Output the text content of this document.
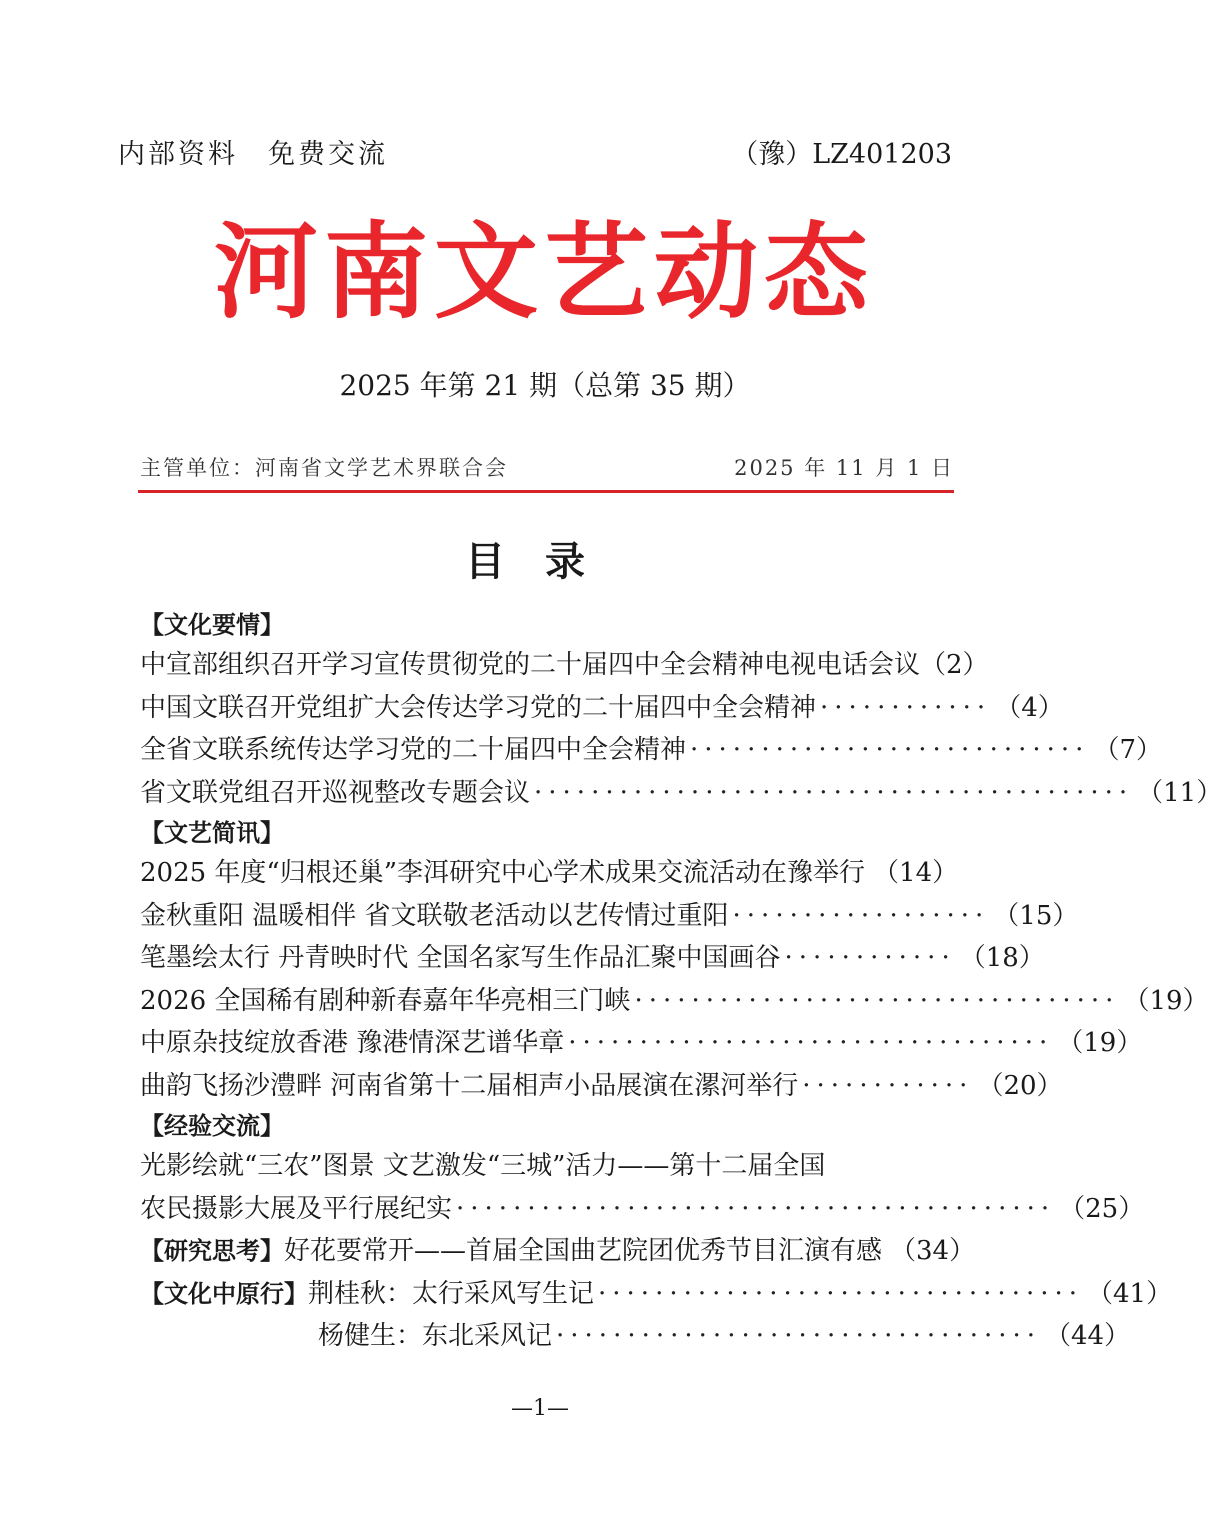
内部资料 免费交流	（豫）LZ401203
河南文艺动态
2025 年第 21 期（总第 35 期）
主管单位：河南省文学艺术界联合会	2025 年 11 月 1 日
目录
【文化要情】
中宣部组织召开学习宣传贯彻党的二十届四中全会精神电视电话会议 （2）
中国文联召开党组扩大会传达学习党的二十届四中全会精神 ············ （4）
全省文联系统传达学习党的二十届四中全会精神 ···························· （7）
省文联党组召开巡视整改专题会议 ·········································· （11）
【文艺简讯】
2025 年度“归根还巢”李洱研究中心学术成果交流活动在豫举行 （14）
金秋重阳 温暖相伴 省文联敬老活动以艺传情过重阳 ·················· （15）
笔墨绘太行 丹青映时代 全国名家写生作品汇聚中国画谷 ············ （18）
2026 全国稀有剧种新春嘉年华亮相三门峡 ·································· （19）
中原杂技绽放香港 豫港情深艺谱华章 ·································· （19）
曲韵飞扬沙澧畔 河南省第十二届相声小品展演在漯河举行 ············ （20）
【经验交流】
光影绘就“三农”图景 文艺激发“三城”活力——第十二届全国
农民摄影大展及平行展纪实 ·········································· （25）
【研究思考】 好花要常开——首届全国曲艺院团优秀节目汇演有感 （34）
【文化中原行】 荆桂秋：太行采风写生记 ·································· （41）
杨健生：东北采风记 ·································· （44）
—1—
